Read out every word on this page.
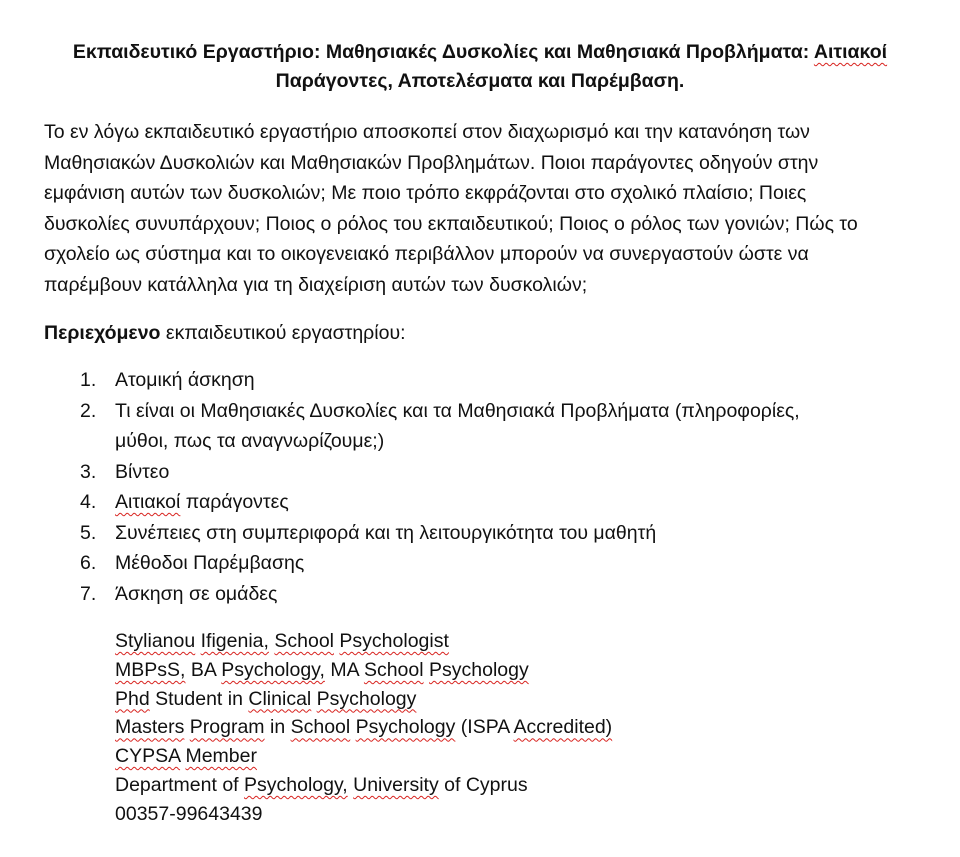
Εκπαιδευτικό Εργαστήριο: Μαθησιακές Δυσκολίες και Μαθησιακά Προβλήματα: Αιτιακοί
Παράγοντες, Αποτελέσματα και Παρέμβαση.
Το εν λόγω εκπαιδευτικό εργαστήριο αποσκοπεί στον διαχωρισμό και την κατανόηση των
Μαθησιακών Δυσκολιών και Μαθησιακών Προβλημάτων. Ποιοι παράγοντες οδηγούν στην
εμφάνιση αυτών των δυσκολιών; Με ποιο τρόπο εκφράζονται στο σχολικό πλαίσιο; Ποιες
δυσκολίες συνυπάρχουν; Ποιος ο ρόλος του εκπαιδευτικού; Ποιος ο ρόλος των γονιών; Πώς το
σχολείο ως σύστημα και το οικογενειακό περιβάλλον μπορούν να συνεργαστούν ώστε να
παρέμβουν κατάλληλα για τη διαχείριση αυτών των δυσκολιών;
Περιεχόμενο εκπαιδευτικού εργαστηρίου:
1. Ατομική άσκηση
2. Τι είναι οι Μαθησιακές Δυσκολίες και τα Μαθησιακά Προβλήματα (πληροφορίες,
μύθοι, πως τα αναγνωρίζουμε;)
3. Βίντεο
4. Αιτιακοί παράγοντες
5. Συνέπειες στη συμπεριφορά και τη λειτουργικότητα του μαθητή
6. Μέθοδοι Παρέμβασης
7. Άσκηση σε ομάδες
Stylianou Ifigenia, School Psychologist
MBPsS, BA Psychology, MA School Psychology
Phd Student in Clinical Psychology
Masters Program in School Psychology (ISPA Accredited)
CYPSA Member
Department of Psychology, University of Cyprus
00357-99643439
